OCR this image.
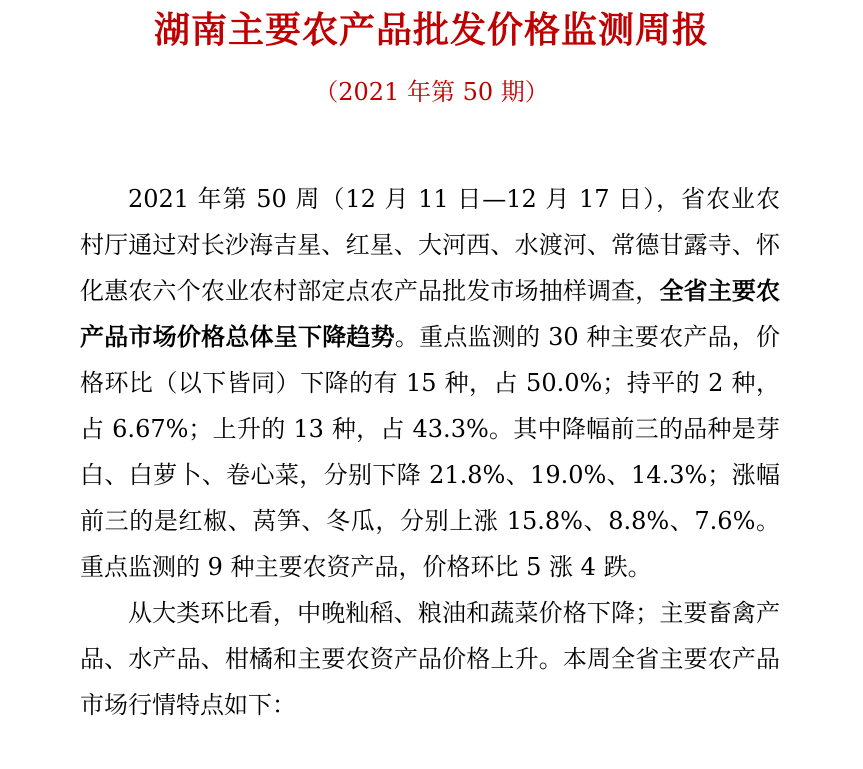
湖南主要农产品批发价格监测周报
（2021 年第 50 期）

2021 年第 50 周（12 月 11 日—12 月 17 日），省农业农村厅通过对长沙海吉星、红星、大河西、水渡河、常德甘露寺、怀化惠农六个农业农村部定点农产品批发市场抽样调查，全省主要农产品市场价格总体呈下降趋势。重点监测的 30 种主要农产品，价格环比（以下皆同）下降的有 15 种，占 50.0%；持平的 2 种，占 6.67%；上升的 13 种，占 43.3%。其中降幅前三的品种是芽白、白萝卜、卷心菜，分别下降 21.8%、19.0%、14.3%；涨幅前三的是红椒、莴笋、冬瓜，分别上涨 15.8%、8.8%、7.6%。重点监测的 9 种主要农资产品，价格环比 5 涨 4 跌。

从大类环比看，中晚籼稻、粮油和蔬菜价格下降；主要畜禽产品、水产品、柑橘和主要农资产品价格上升。本周全省主要农产品市场行情特点如下：
